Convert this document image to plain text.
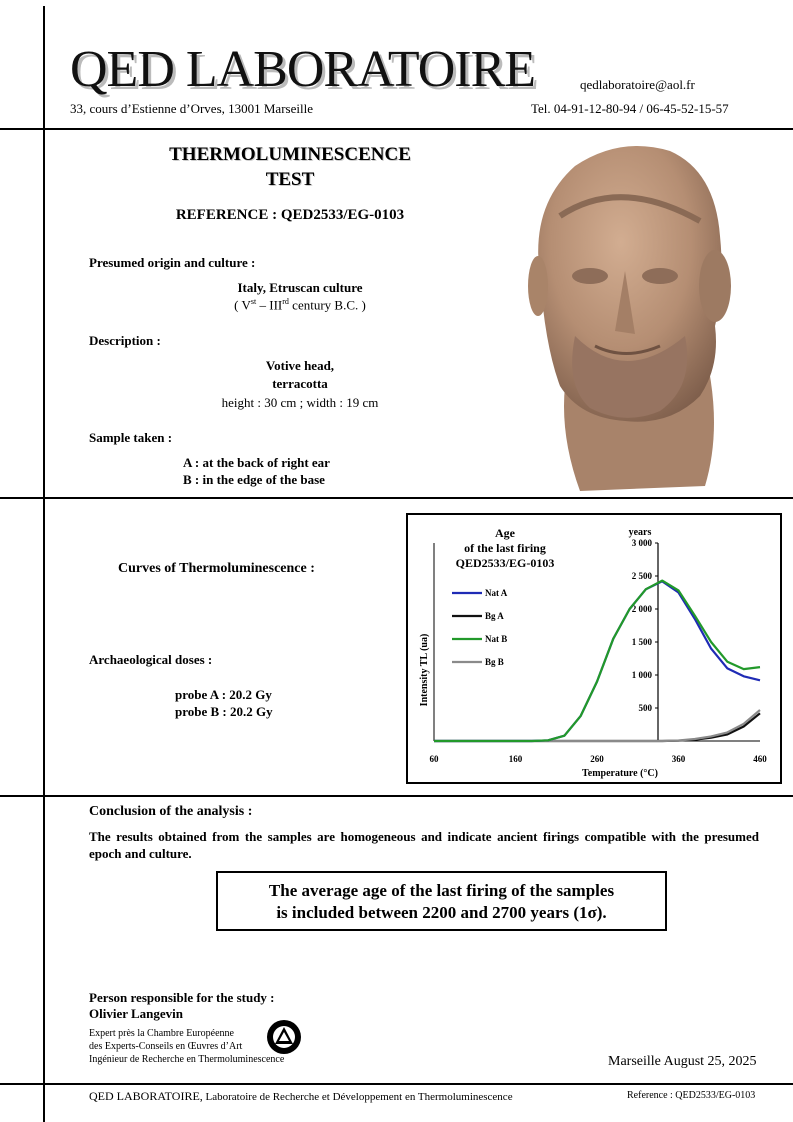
QED LABORATOIRE	qedlaboratoire@aol.fr
33, cours d’Estienne d’Orves, 13001 Marseille	Tel. 04-91-12-80-94 / 06-45-52-15-57
THERMOLUMINESCENCE
TEST
REFERENCE : QED2533/EG-0103
Presumed origin and culture :
Italy, Etruscan culture
( Vst – IIIrd century B.C. )
Description :
Votive head,
terracotta
height : 30 cm ; width : 19 cm
Sample taken :
A : at the back of right ear
B : in the edge of the base
Curves of Thermoluminescence :
Archaeological doses :
probe A : 20.2 Gy
probe B : 20.2 Gy
60	160	260	360	460
500
1 000
1 500
2 000
2 500
3 000
Nat A
Bg A
Nat B
Bg B
Age
of the last firing
QED2533/EG-0103
years
Temperature (°C)
Intensity TL (ua)
Conclusion of the analysis :
The results obtained from the samples are homogeneous and indicate ancient firings compatible with the presumed epoch and culture.
The average age of the last firing of the samples
is included between 2200 and 2700 years (1σ).
Person responsible for the study :
Olivier Langevin
Expert près la Chambre Européenne
des Experts-Conseils en Œuvres d’Art
Ingénieur de Recherche en Thermoluminescence	Marseille August 25, 2025
QED LABORATOIRE, Laboratoire de Recherche et Développement en Thermoluminescence	Reference : QED2533/EG-0103
